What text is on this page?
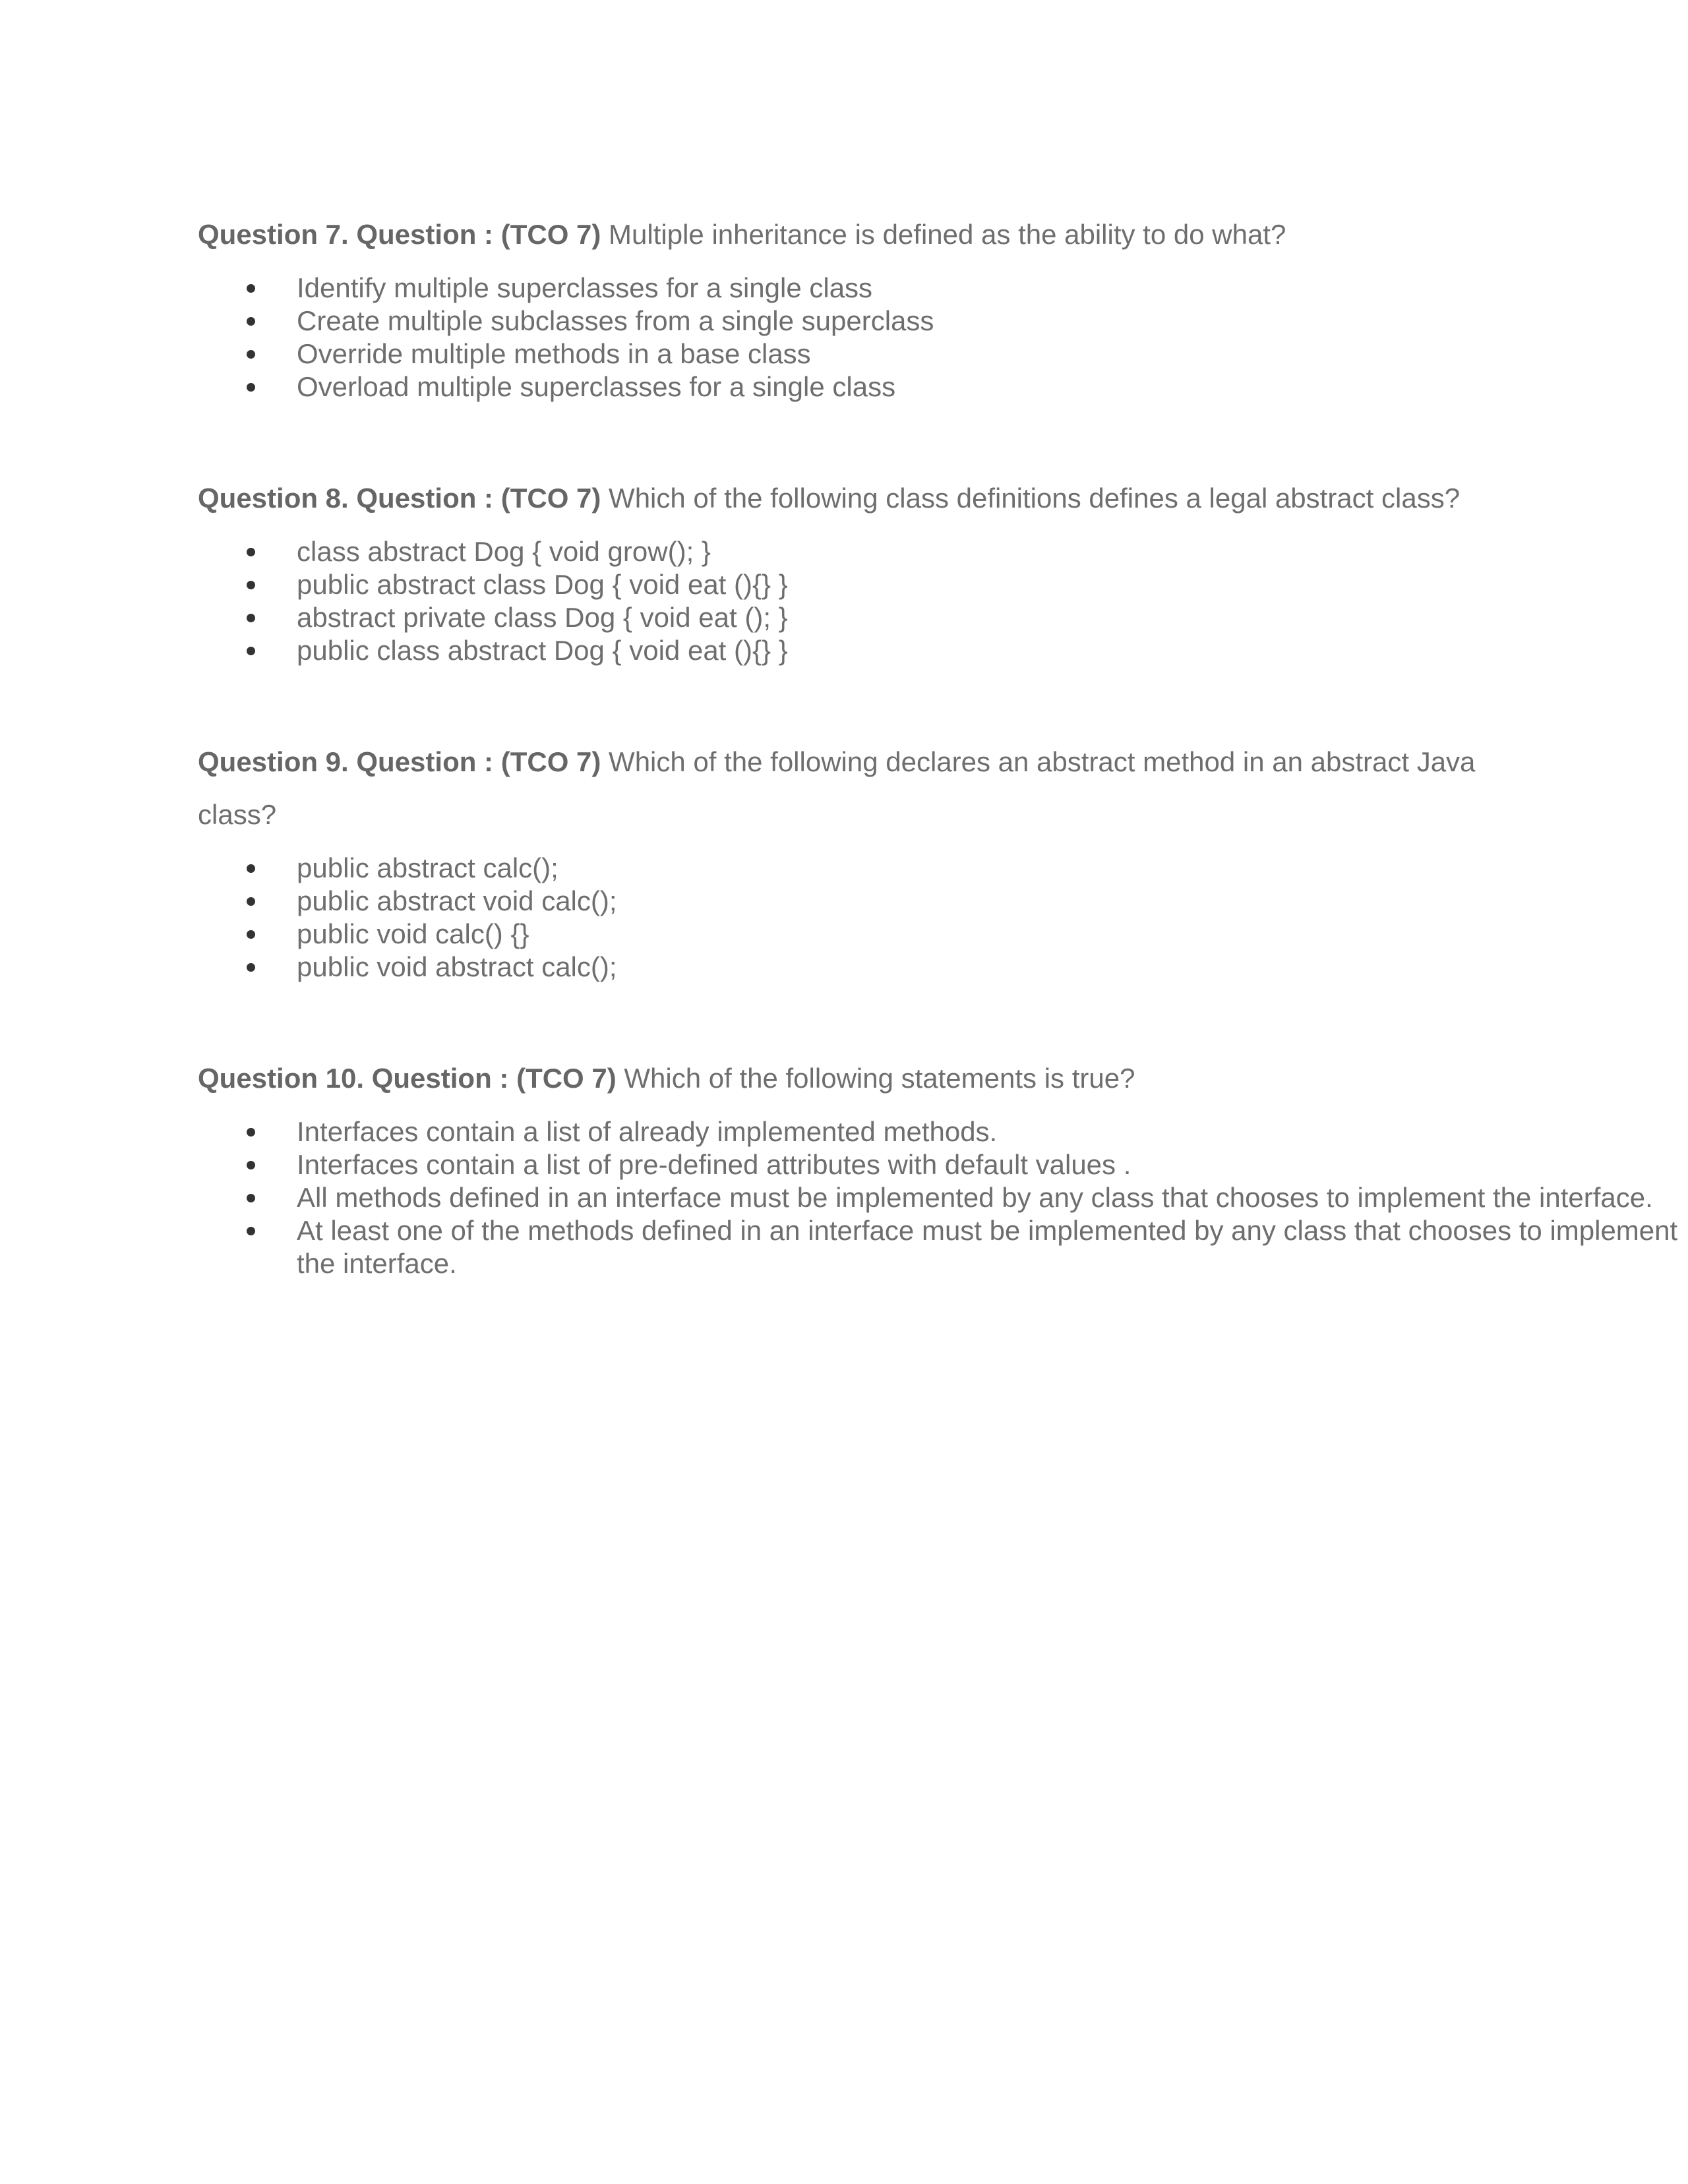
Question 7. Question : (TCO 7) Multiple inheritance is defined as the ability to do what?

Identify multiple superclasses for a single class
Create multiple subclasses from a single superclass
Override multiple methods in a base class
Overload multiple superclasses for a single class

Question 8. Question : (TCO 7) Which of the following class definitions defines a legal abstract class?

class abstract Dog { void grow(); }
public abstract class Dog { void eat (){} }
abstract private class Dog { void eat (); }
public class abstract Dog { void eat (){} }

Question 9. Question : (TCO 7) Which of the following declares an abstract method in an abstract Java class?

public abstract calc();
public abstract void calc();
public void calc() {}
public void abstract calc();

Question 10. Question : (TCO 7) Which of the following statements is true?

Interfaces contain a list of already implemented methods.
Interfaces contain a list of pre-defined attributes with default values .
All methods defined in an interface must be implemented by any class that chooses to implement the interface.
At least one of the methods defined in an interface must be implemented by any class that chooses to implement the interface.
